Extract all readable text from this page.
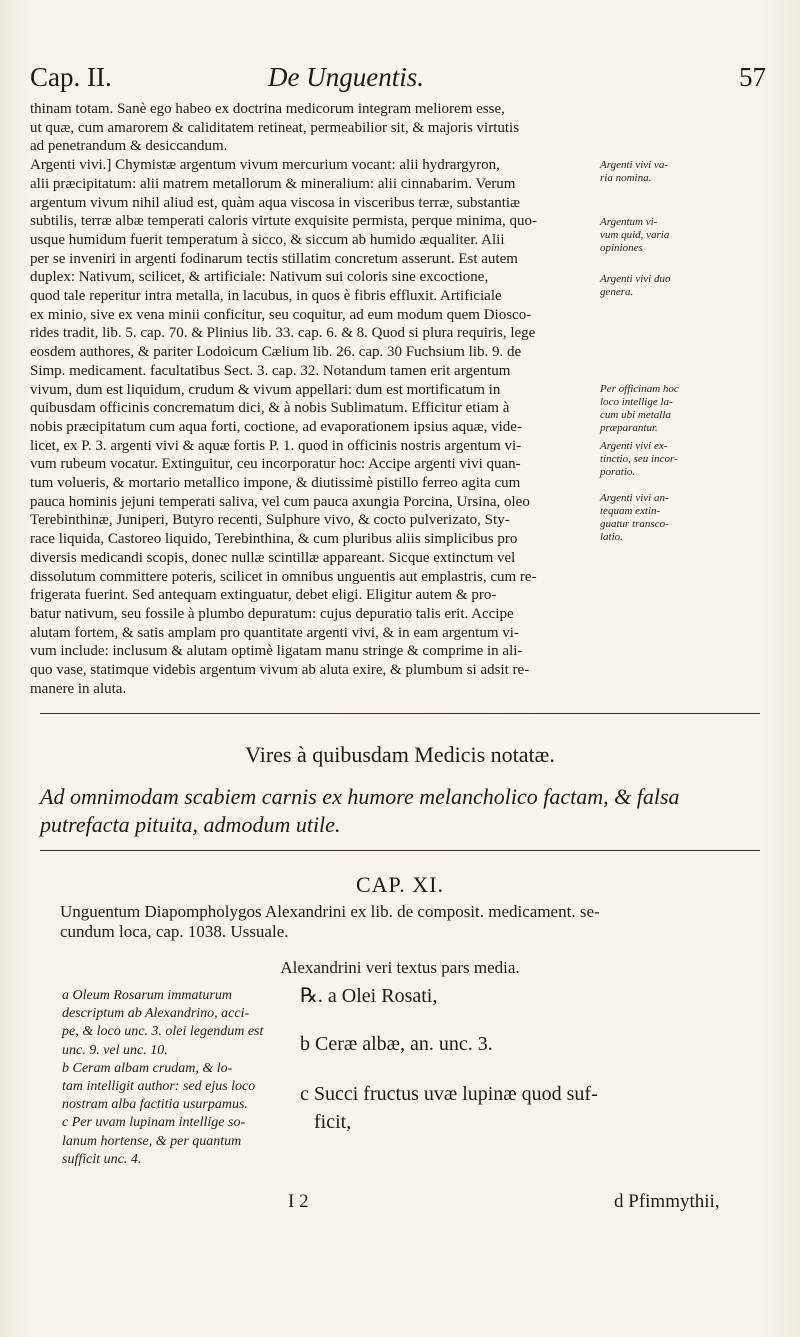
Cap. II.	De Unguentis.	57
thinam totam. Sanè ego habeo ex doctrina medicorum integram meliorem esse,
ut quæ, cum amarorem & caliditatem retineat, permeabilior sit, & majoris virtutis
ad penetrandum & desiccandum.
Argenti vivi.] Chymistæ argentum vivum mercurium vocant: alii hydrargyron,
alii præcipitatum: alii matrem metallorum & mineralium: alii cinnabarim. Verum
argentum vivum nihil aliud est, quàm aqua viscosa in visceribus terræ, substantiæ
subtilis, terræ albæ temperati caloris virtute exquisite permista, perque minima, quo-
usque humidum fuerit temperatum à sicco, & siccum ab humido æqualiter. Alii
per se inveniri in argenti fodinarum tectis stillatim concretum asserunt. Est autem
duplex: Nativum, scilicet, & artificiale: Nativum sui coloris sine excoctione,
quod tale reperitur intra metalla, in lacubus, in quos è fibris effluxit. Artificiale
ex minio, sive ex vena minii conficitur, seu coquitur, ad eum modum quem Diosco-
rides tradit, lib. 5. cap. 70. & Plinius lib. 33. cap. 6. & 8. Quod si plura requiris, lege
eosdem authores, & pariter Lodoicum Cælium lib. 26. cap. 30 Fuchsium lib. 9. de
Simp. medicament. facultatibus Sect. 3. cap. 32. Notandum tamen erit argentum
vivum, dum est liquidum, crudum & vivum appellari: dum est mortificatum in
quibusdam officinis concrematum dici, & à nobis Sublimatum. Efficitur etiam à
nobis præcipitatum cum aqua forti, coctione, ad evaporationem ipsius aquæ, vide-
licet, ex P. 3. argenti vivi & aquæ fortis P. 1. quod in officinis nostris argentum vi-
vum rubeum vocatur. Extinguitur, ceu incorporatur hoc: Accipe argenti vivi quan-
tum volueris, & mortario metallico impone, & diutissimè pistillo ferreo agita cum
pauca hominis jejuni temperati saliva, vel cum pauca axungia Porcina, Ursina, oleo
Terebinthinæ, Juniperi, Butyro recenti, Sulphure vivo, & cocto pulverizato, Sty-
race liquida, Castoreo liquido, Terebinthina, & cum pluribus aliis simplicibus pro
diversis medicandi scopis, donec nullæ scintillæ appareant. Sicque extinctum vel
dissolutum committere poteris, scilicet in omnibus unguentis aut emplastris, cum re-
frigerata fuerint. Sed antequam extinguatur, debet eligi. Eligitur autem & pro-
batur nativum, seu fossile à plumbo depuratum: cujus depuratio talis erit. Accipe
alutam fortem, & satis amplam pro quantitate argenti vivi, & in eam argentum vi-
vum include: inclusum & alutam optimè ligatam manu stringe & comprime in ali-
quo vase, statimque videbis argentum vivum ab aluta exire, & plumbum si adsit re-
manere in aluta.
Argenti vivi va-
ria nomina.
Argentum vi-
vum quid, varia
opiniones
Argenti vivi duo
genera.
Per officinam hoc
loco intellige la-
cum ubi metalla
præparantur.
Argenti vivi ex-
tinctio, seu incor-
poratio.
Argenti vivi an-
tequam extin-
guatur transco-
latio.
Vires à quibusdam Medicis notatæ.
Ad omnimodam scabiem carnis ex humore melancholico factam, & falsa
putrefacta pituita, admodum utile.
CAP. XI.
Unguentum Diapompholygos Alexandrini ex lib. de composit. medicament. se-
cundum loca, cap. 1038. Ussuale.
Alexandrini veri textus pars media.
a Oleum Rosarum immaturum
descriptum ab Alexandrino, acci-
pe, & loco unc. 3. olei legendum est
unc. 9. vel unc. 10.
b Ceram albam crudam, & lo-
tam intelligit author: sed ejus loco
nostram alba factitia usurpamus.
c Per uvam lupinam intellige so-
lanum hortense, & per quantum
sufficit unc. 4.
℞. a Olei Rosati,
b Ceræ albæ, an. unc. 3.
c Succi fructus uvæ lupinæ quod suf-
ficit,
I 2	d Pfimmythii,
